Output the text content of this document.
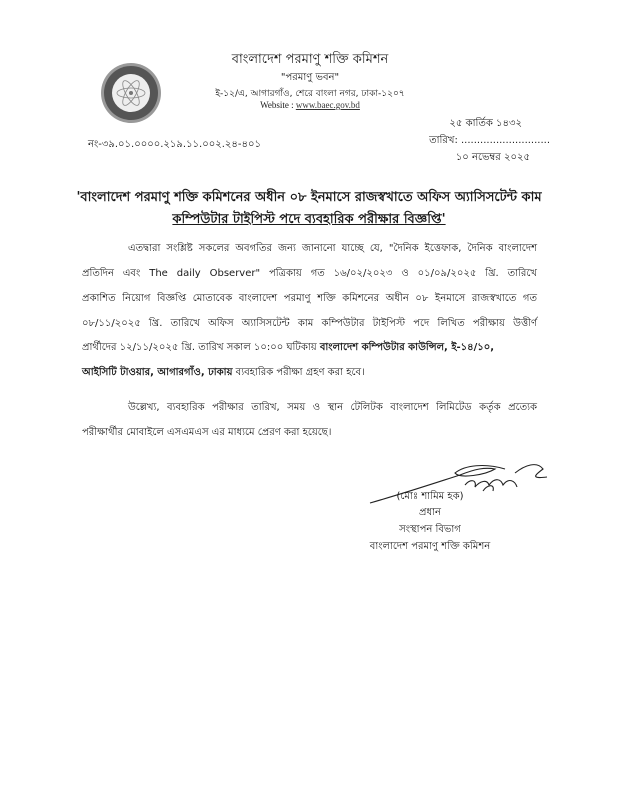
বাংলাদেশ পরমাণু শক্তি কমিশন
"পরমাণু ভবন"
ই-১২/এ, আগারগাঁও, শেরে বাংলা নগর, ঢাকা-১২০৭
Website : www.baec.gov.bd
২৫ কার্তিক ১৪৩২
নং-৩৯.০১.০০০০.২১৯.১১.০০২.২৪-৪০১	তারিখ: ............................
১০ নভেম্বর ২০২৫
'বাংলাদেশ পরমাণু শক্তি কমিশনের অধীন ০৮ ইনমাসে রাজস্বখাতে অফিস অ্যাসিসটেন্ট কাম
কম্পিউটার টাইপিস্ট পদে ব্যবহারিক পরীক্ষার বিজ্ঞপ্তি'
এতদ্বারা সংশ্লিষ্ট সকলের অবগতির জন্য জানানো যাচ্ছে যে, "দৈনিক ইত্তেফাক, দৈনিক বাংলাদেশ
প্রতিদিন এবং The daily Observer" পত্রিকায় গত ১৬/০২/২০২৩ ও ০১/০৯/২০২৫ খ্রি. তারিখে
প্রকাশিত নিয়োগ বিজ্ঞপ্তি মোতাবেক বাংলাদেশ পরমাণু শক্তি কমিশনের অধীন ০৮ ইনমাসে রাজস্বখাতে গত
০৮/১১/২০২৫ খ্রি. তারিখে অফিস অ্যাসিসটেন্ট কাম কম্পিউটার টাইপিস্ট পদে লিখিত পরীক্ষায় উত্তীর্ণ
প্রার্থীদের ১২/১১/২০২৫ খ্রি. তারিখ সকাল ১০:০০ ঘটিকায় বাংলাদেশ কম্পিউটার কাউন্সিল, ই-১৪/১০,
আইসিটি টাওয়ার, আগারগাঁও, ঢাকায় ব্যবহারিক পরীক্ষা গ্রহণ করা হবে।
উল্লেখ্য, ব্যবহারিক পরীক্ষার তারিখ, সময় ও স্থান টেলিটক বাংলাদেশ লিমিটেড কর্তৃক প্রত্যেক
পরীক্ষার্থীর মোবাইলে এসএমএস এর মাধ্যমে প্রেরণ করা হয়েছে।
(মোঃ শামিম হক)
প্রধান
সংস্থাপন বিভাগ
বাংলাদেশ পরমাণু শক্তি কমিশন
